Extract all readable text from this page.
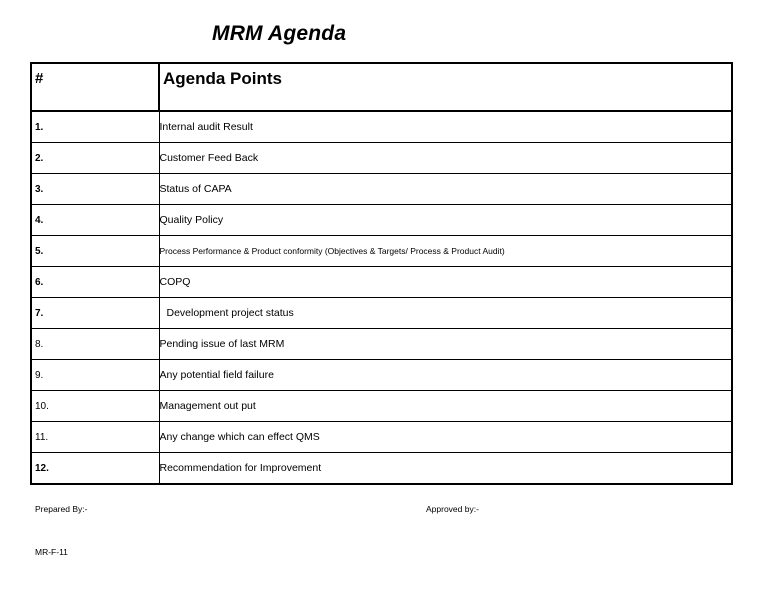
MRM Agenda
#	Agenda Points
1.	Internal audit Result
2.	Customer Feed Back
3.	Status of CAPA
4.	Quality Policy
5.	Process Performance & Product conformity (Objectives & Targets/ Process & Product Audit)
6.	COPQ
7.	Development project status
8.	Pending issue of last MRM
9.	Any potential field failure
10.	Management out put
11.	Any change which can effect QMS
12.	Recommendation for Improvement
Prepared By:-	Approved by:-
MR-F-11
